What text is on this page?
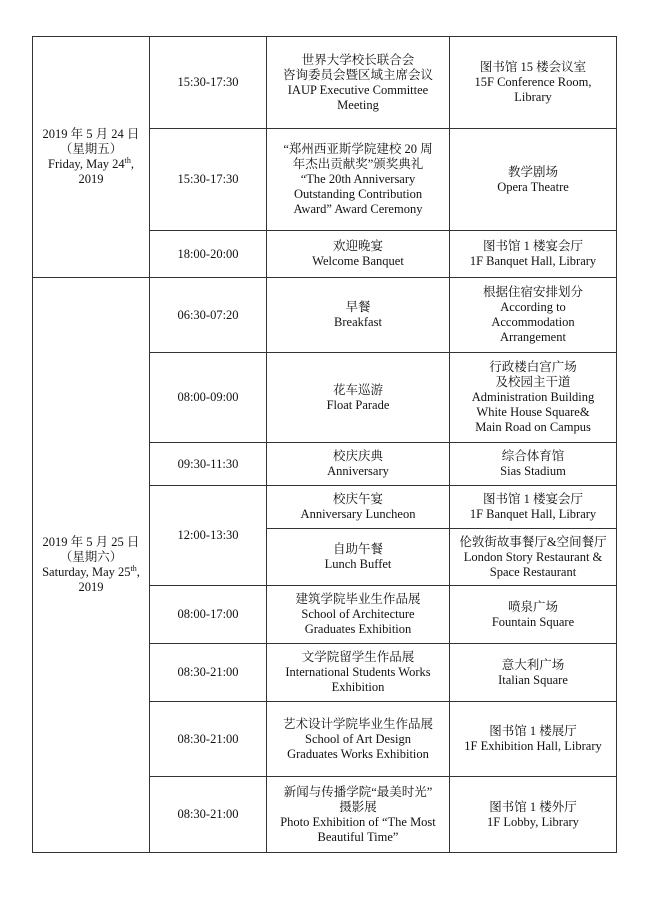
2019 年 5 月 24 日
（星期五）
Friday, May 24th,
2019	15:30-17:30	世界大学校长联合会
咨询委员会暨区域主席会议
IAUP Executive Committee
Meeting	图书馆 15 楼会议室
15F Conference Room,
Library

	15:30-17:30	“郑州西亚斯学院建校 20 周
年杰出贡献奖”颁奖典礼
“The 20th Anniversary
Outstanding Contribution
Award” Award Ceremony	教学剧场
Opera Theatre

	18:00-20:00	欢迎晚宴
Welcome Banquet	图书馆 1 楼宴会厅
1F Banquet Hall, Library

2019 年 5 月 25 日
（星期六）
Saturday, May 25th,
2019	06:30-07:20	早餐
Breakfast	根据住宿安排划分
According to
Accommodation
Arrangement

	08:00-09:00	花车巡游
Float Parade	行政楼白宫广场
及校园主干道
Administration Building
White House Square&
Main Road on Campus

	09:30-11:30	校庆庆典
Anniversary	综合体育馆
Sias Stadium

	12:00-13:30	校庆午宴
Anniversary Luncheon	图书馆 1 楼宴会厅
1F Banquet Hall, Library

		自助午餐
Lunch Buffet	伦敦街故事餐厅&空间餐厅
London Story Restaurant &
Space Restaurant

	08:00-17:00	建筑学院毕业生作品展
School of Architecture
Graduates Exhibition	喷泉广场
Fountain Square

	08:30-21:00	文学院留学生作品展
International Students Works
Exhibition	意大利广场
Italian Square

	08:30-21:00	艺术设计学院毕业生作品展
School of Art Design
Graduates Works Exhibition	图书馆 1 楼展厅
1F Exhibition Hall, Library

	08:30-21:00	新闻与传播学院“最美时光”
摄影展
Photo Exhibition of “The Most
Beautiful Time”	图书馆 1 楼外厅
1F Lobby, Library
